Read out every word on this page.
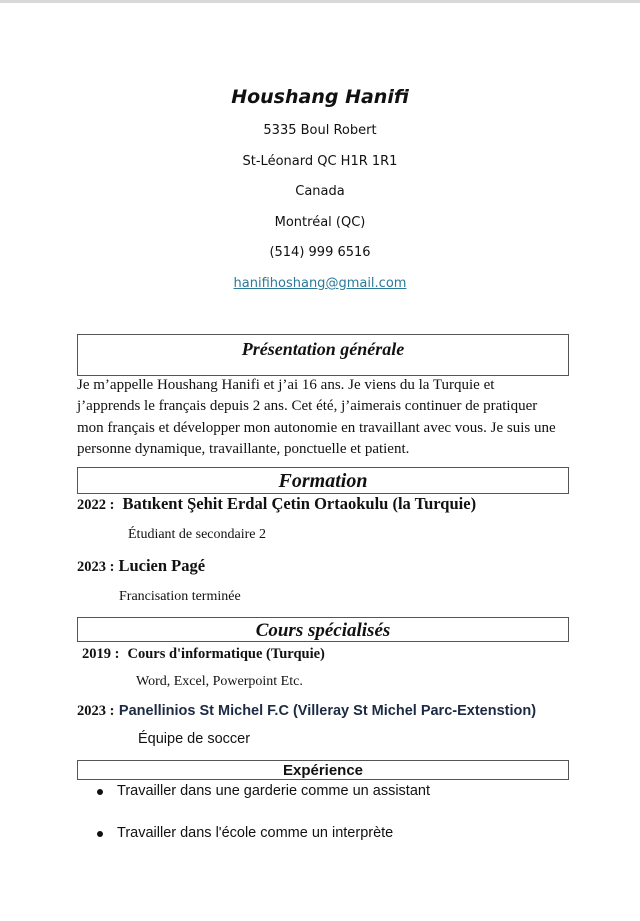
Houshang Hanifi
5335 Boul Robert
St-Léonard QC H1R 1R1
Canada
Montréal (QC)
(514) 999 6516
hanifihoshang@gmail.com
Présentation générale
Je m’appelle Houshang Hanifi et j’ai 16 ans. Je viens du la Turquie et
j’apprends le français depuis 2 ans. Cet été, j’aimerais continuer de pratiquer
mon français et développer mon autonomie en travaillant avec vous. Je suis une
personne dynamique, travaillante, ponctuelle et patient.
Formation
2022 : Batıkent Şehit Erdal Çetin Ortaokulu (la Turquie)
Étudiant de secondaire 2
2023 : Lucien Pagé
Francisation terminée
Cours spécialisés
2019 : Cours d'informatique (Turquie)
Word, Excel, Powerpoint Etc.
2023 : Panellinios St Michel F.C (Villeray St Michel Parc-Extenstion)
Équipe de soccer
Expérience
Travailler dans une garderie comme un assistant
Travailler dans l'école comme un interprète
